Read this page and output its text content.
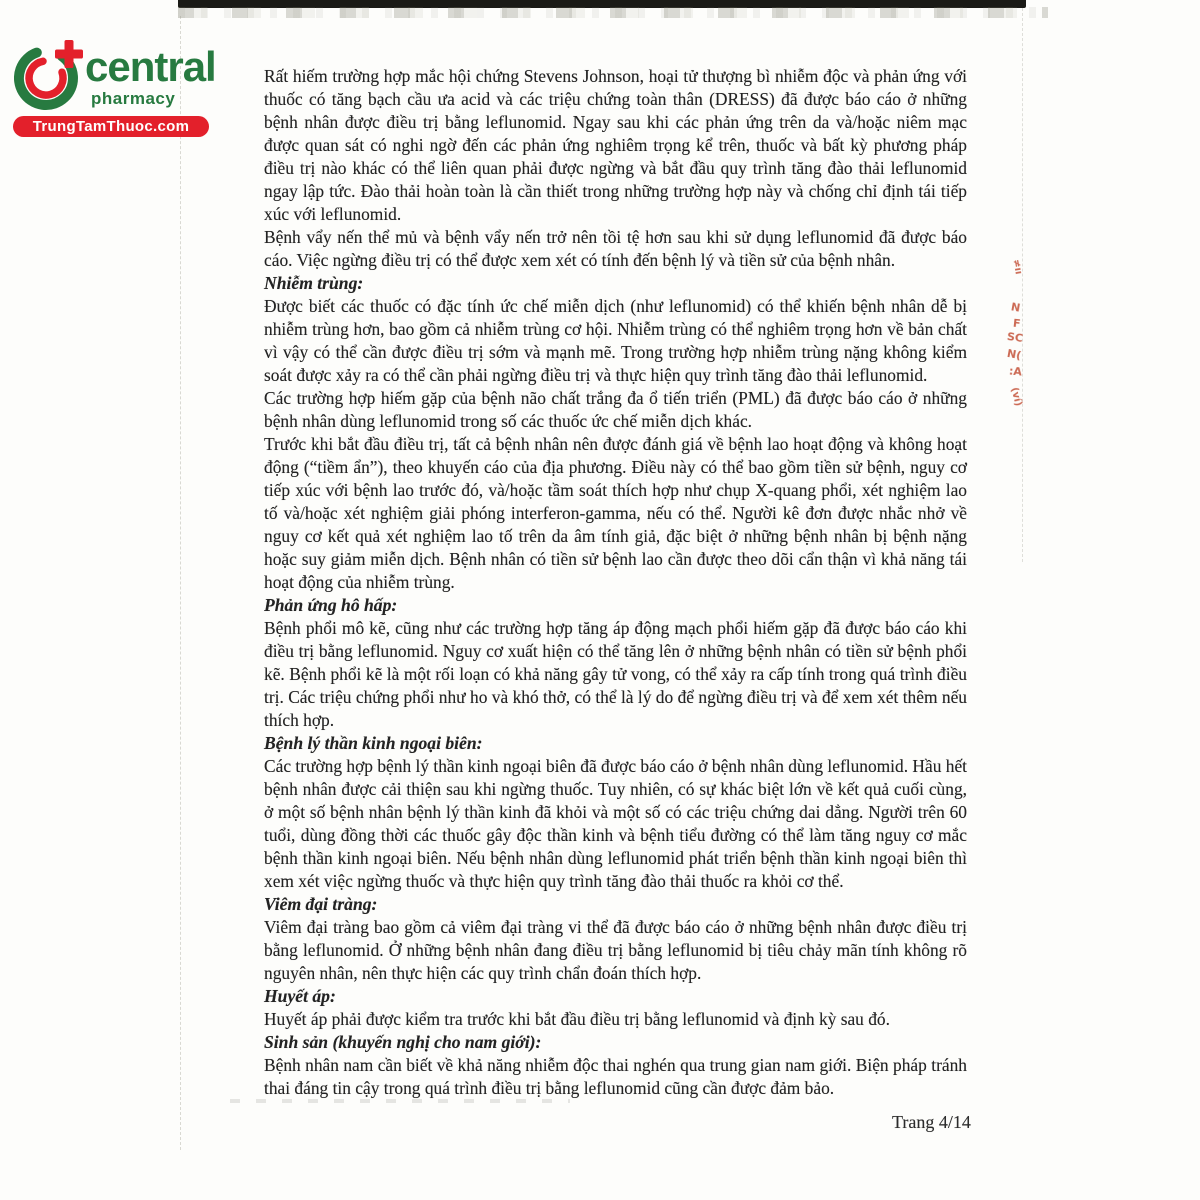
central
pharmacy
TrungTamThuoc.com

Rất hiếm trường hợp mắc hội chứng Stevens Johnson, hoại tử thượng bì nhiễm độc và phản ứng với thuốc có tăng bạch cầu ưa acid và các triệu chứng toàn thân (DRESS) đã được báo cáo ở những bệnh nhân được điều trị bằng leflunomid. Ngay sau khi các phản ứng trên da và/hoặc niêm mạc được quan sát có nghi ngờ đến các phản ứng nghiêm trọng kể trên, thuốc và bất kỳ phương pháp điều trị nào khác có thể liên quan phải được ngừng và bắt đầu quy trình tăng đào thải leflunomid ngay lập tức. Đào thải hoàn toàn là cần thiết trong những trường hợp này và chống chỉ định tái tiếp xúc với leflunomid.

Bệnh vẩy nến thể mủ và bệnh vẩy nến trở nên tồi tệ hơn sau khi sử dụng leflunomid đã được báo cáo. Việc ngừng điều trị có thể được xem xét có tính đến bệnh lý và tiền sử của bệnh nhân.

Nhiễm trùng:

Được biết các thuốc có đặc tính ức chế miễn dịch (như leflunomid) có thể khiến bệnh nhân dễ bị nhiễm trùng hơn, bao gồm cả nhiễm trùng cơ hội. Nhiễm trùng có thể nghiêm trọng hơn về bản chất vì vậy có thể cần được điều trị sớm và mạnh mẽ. Trong trường hợp nhiễm trùng nặng không kiểm soát được xảy ra có thể cần phải ngừng điều trị và thực hiện quy trình tăng đào thải leflunomid.

Các trường hợp hiếm gặp của bệnh não chất trắng đa ổ tiến triển (PML) đã được báo cáo ở những bệnh nhân dùng leflunomid trong số các thuốc ức chế miễn dịch khác.

Trước khi bắt đầu điều trị, tất cả bệnh nhân nên được đánh giá về bệnh lao hoạt động và không hoạt động (“tiềm ẩn”), theo khuyến cáo của địa phương. Điều này có thể bao gồm tiền sử bệnh, nguy cơ tiếp xúc với bệnh lao trước đó, và/hoặc tầm soát thích hợp như chụp X-quang phổi, xét nghiệm lao tố và/hoặc xét nghiệm giải phóng interferon-gamma, nếu có thể. Người kê đơn được nhắc nhở về nguy cơ kết quả xét nghiệm lao tố trên da âm tính giả, đặc biệt ở những bệnh nhân bị bệnh nặng hoặc suy giảm miễn dịch. Bệnh nhân có tiền sử bệnh lao cần được theo dõi cẩn thận vì khả năng tái hoạt động của nhiễm trùng.

Phản ứng hô hấp:

Bệnh phổi mô kẽ, cũng như các trường hợp tăng áp động mạch phổi hiếm gặp đã được báo cáo khi điều trị bằng leflunomid. Nguy cơ xuất hiện có thể tăng lên ở những bệnh nhân có tiền sử bệnh phổi kẽ. Bệnh phổi kẽ là một rối loạn có khả năng gây tử vong, có thể xảy ra cấp tính trong quá trình điều trị. Các triệu chứng phổi như ho và khó thở, có thể là lý do để ngừng điều trị và để xem xét thêm nếu thích hợp.

Bệnh lý thần kinh ngoại biên:

Các trường hợp bệnh lý thần kinh ngoại biên đã được báo cáo ở bệnh nhân dùng leflunomid. Hầu hết bệnh nhân được cải thiện sau khi ngừng thuốc. Tuy nhiên, có sự khác biệt lớn về kết quả cuối cùng, ở một số bệnh nhân bệnh lý thần kinh đã khỏi và một số có các triệu chứng dai dẳng. Người trên 60 tuổi, dùng đồng thời các thuốc gây độc thần kinh và bệnh tiểu đường có thể làm tăng nguy cơ mắc bệnh thần kinh ngoại biên. Nếu bệnh nhân dùng leflunomid phát triển bệnh thần kinh ngoại biên thì xem xét việc ngừng thuốc và thực hiện quy trình tăng đào thải thuốc ra khỏi cơ thể.

Viêm đại tràng:

Viêm đại tràng bao gồm cả viêm đại tràng vi thể đã được báo cáo ở những bệnh nhân được điều trị bằng leflunomid. Ở những bệnh nhân đang điều trị bằng leflunomid bị tiêu chảy mãn tính không rõ nguyên nhân, nên thực hiện các quy trình chẩn đoán thích hợp.

Huyết áp:

Huyết áp phải được kiểm tra trước khi bắt đầu điều trị bằng leflunomid và định kỳ sau đó.

Sinh sản (khuyến nghị cho nam giới):

Bệnh nhân nam cần biết về khả năng nhiễm độc thai nghén qua trung gian nam giới. Biện pháp tránh thai đáng tin cậy trong quá trình điều trị bằng leflunomid cũng cần được đảm bảo.

≠ıı
N
F
SC
N(
:A
(ví)
Trang 4/14
